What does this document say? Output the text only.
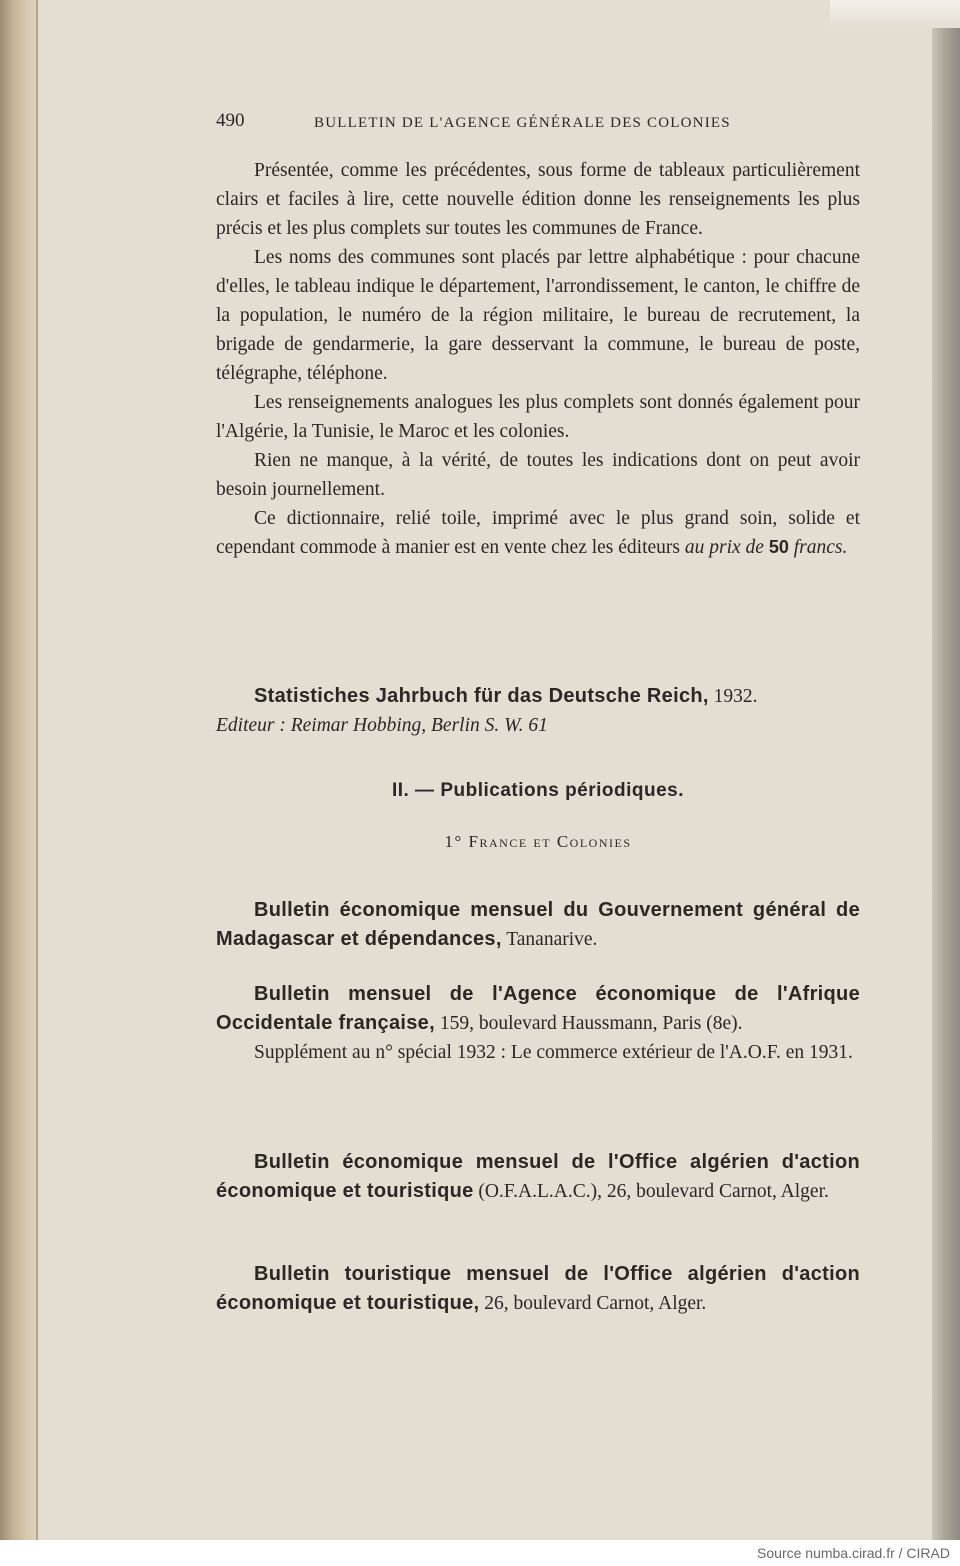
490	BULLETIN DE L'AGENCE GÉNÉRALE DES COLONIES

Présentée, comme les précédentes, sous forme de tableaux particulièrement clairs et faciles à lire, cette nouvelle édition donne les renseignements les plus précis et les plus complets sur toutes les communes de France.

Les noms des communes sont placés par lettre alphabétique : pour chacune d'elles, le tableau indique le département, l'arrondissement, le canton, le chiffre de la population, le numéro de la région militaire, le bureau de recrutement, la brigade de gendarmerie, la gare desservant la commune, le bureau de poste, télégraphe, téléphone.

Les renseignements analogues les plus complets sont donnés également pour l'Algérie, la Tunisie, le Maroc et les colonies.

Rien ne manque, à la vérité, de toutes les indications dont on peut avoir besoin journellement.

Ce dictionnaire, relié toile, imprimé avec le plus grand soin, solide et cependant commode à manier est en vente chez les éditeurs au prix de 50 francs.

Statistiches Jahrbuch für das Deutsche Reich, 1932.

Editeur : Reimar Hobbing, Berlin S. W. 61

II. — Publications périodiques.
1° France et Colonies

Bulletin économique mensuel du Gouvernement général de Madagascar et dépendances, Tananarive.

Bulletin mensuel de l'Agence économique de l'Afrique Occidentale française, 159, boulevard Haussmann, Paris (8e).

Supplément au n° spécial 1932 : Le commerce extérieur de l'A.O.F. en 1931.

Bulletin économique mensuel de l'Office algérien d'action économique et touristique (O.F.A.L.A.C.), 26, boulevard Carnot, Alger.

Bulletin touristique mensuel de l'Office algérien d'action économique et touristique, 26, boulevard Carnot, Alger.

Source numba.cirad.fr / CIRAD
